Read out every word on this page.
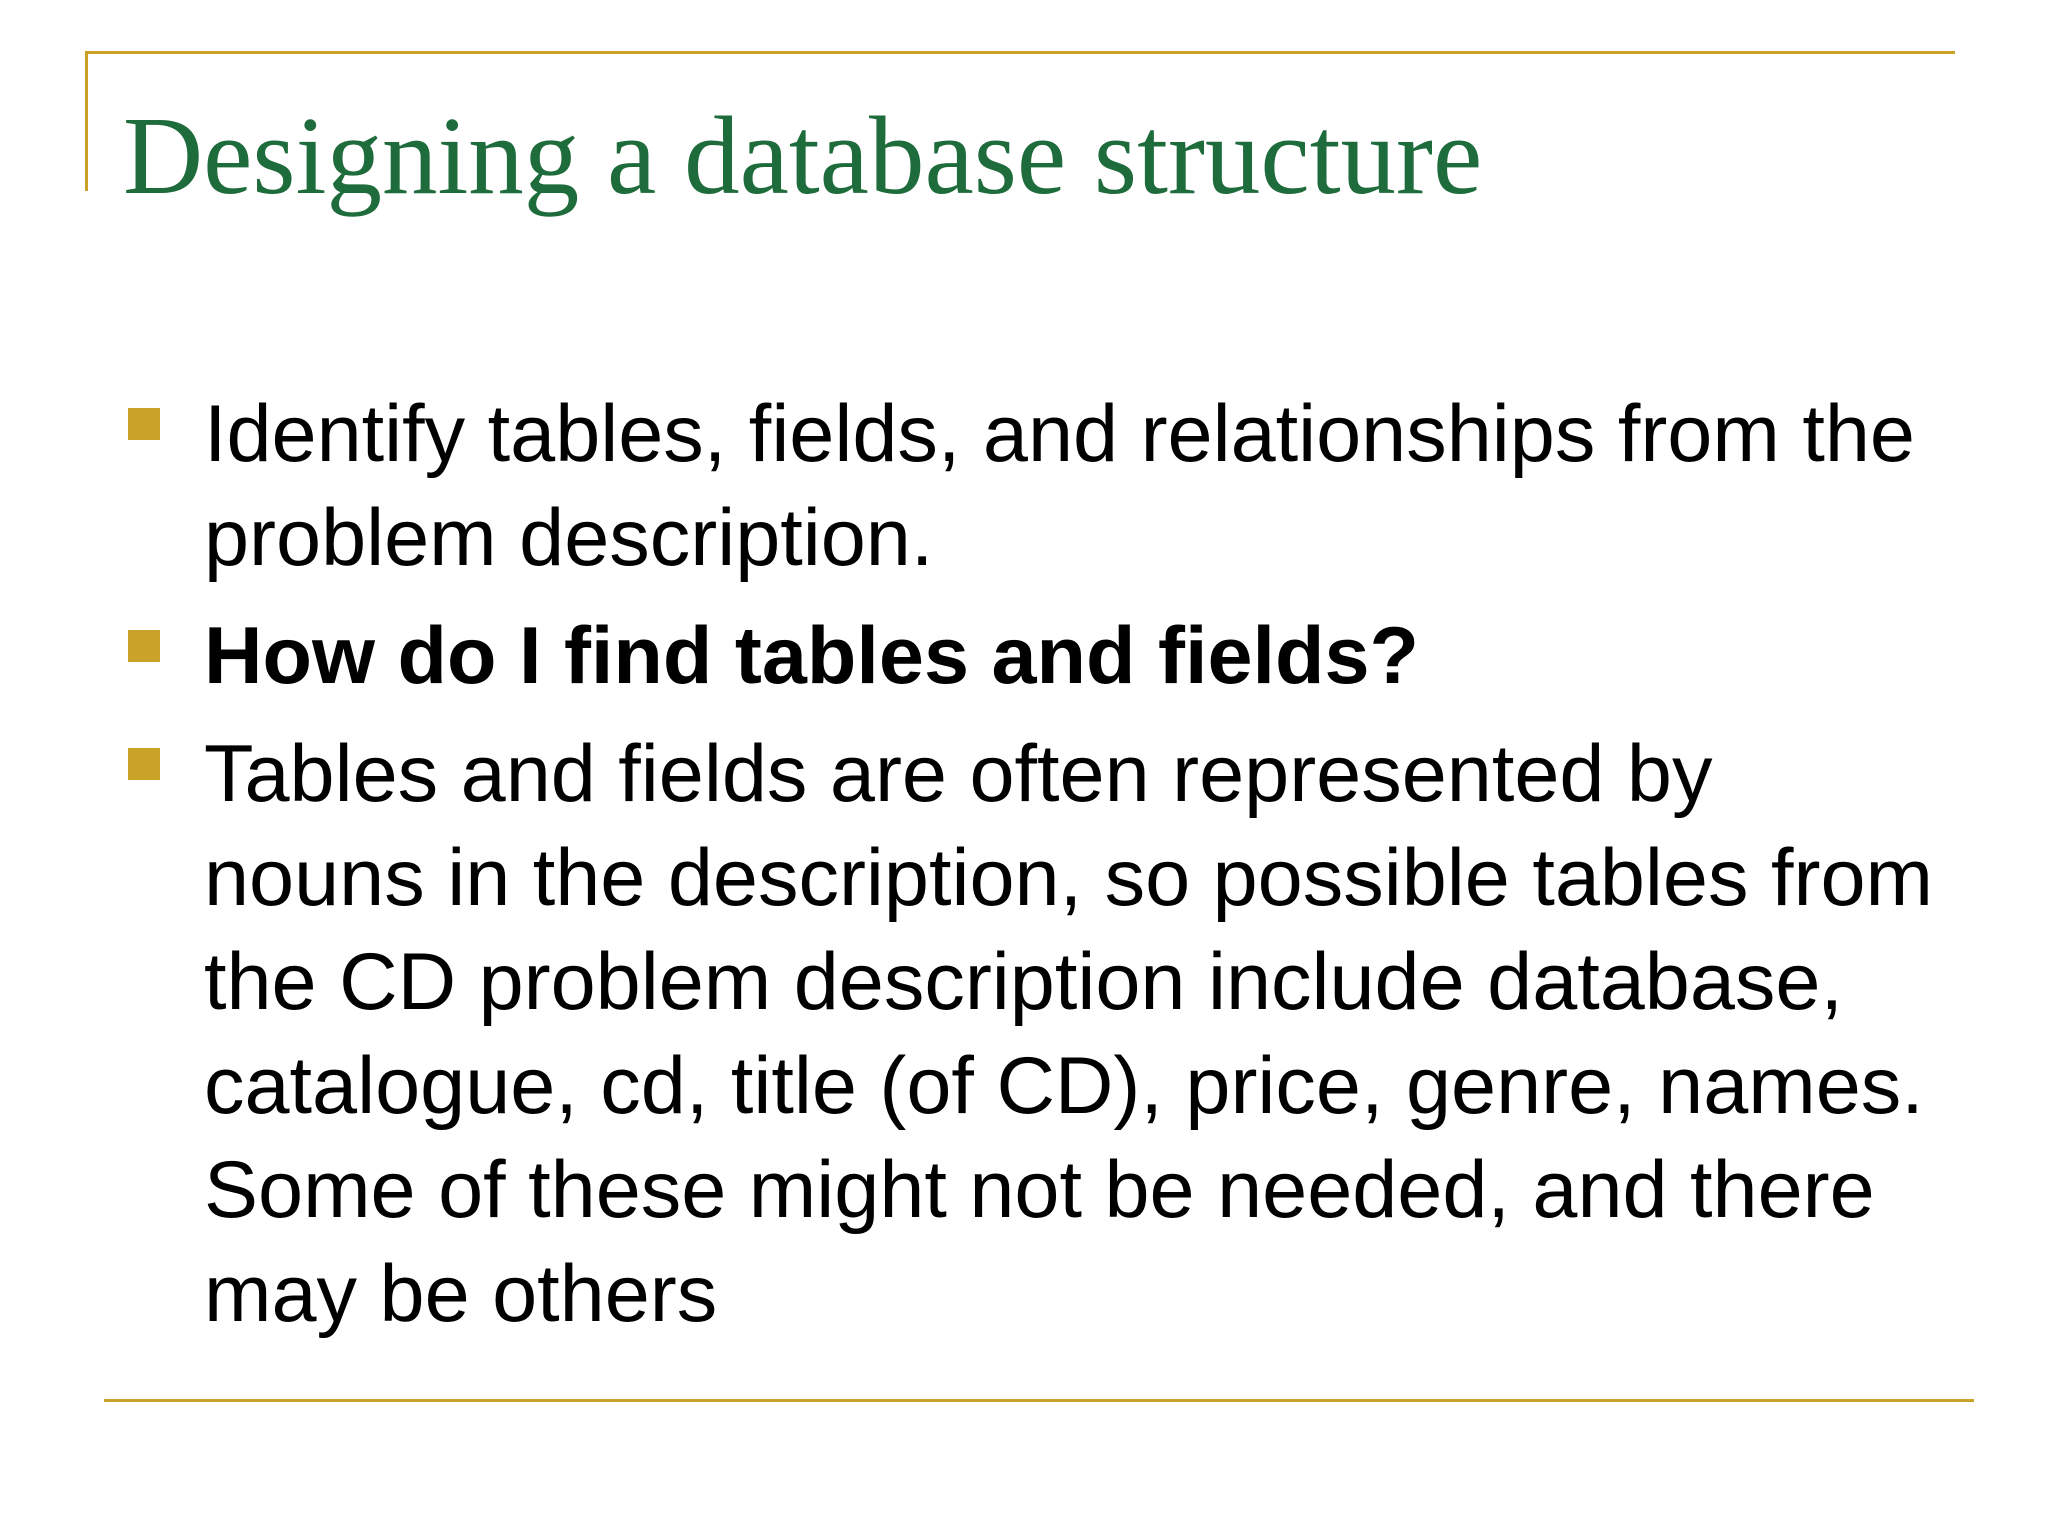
Designing a database structure
Identify tables, fields, and relationships from the problem description.
How do I find tables and fields?
Tables and fields are often represented by nouns in the description, so possible tables from the CD problem description include database, catalogue, cd, title (of CD), price, genre, names. Some of these might not be needed, and there may be others
